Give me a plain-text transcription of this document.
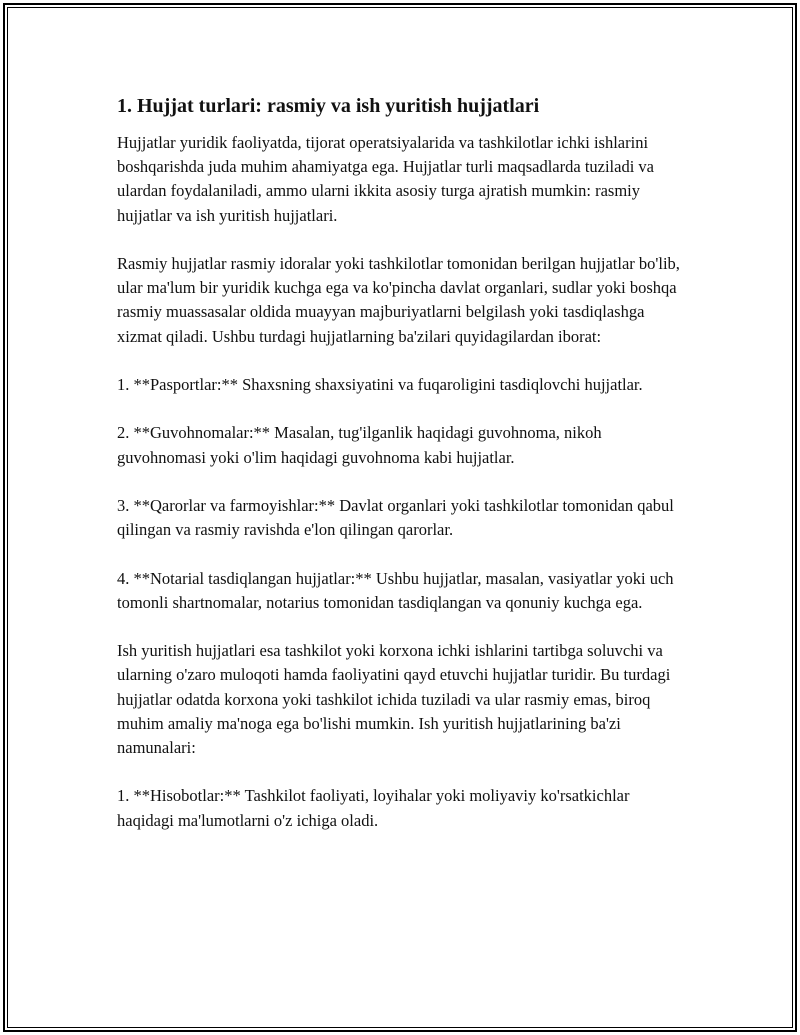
1. Hujjat turlari: rasmiy va ish yuritish hujjatlari

Hujjatlar yuridik faoliyatda, tijorat operatsiyalarida va tashkilotlar ichki ishlarini boshqarishda juda muhim ahamiyatga ega. Hujjatlar turli maqsadlarda tuziladi va ulardan foydalaniladi, ammo ularni ikkita asosiy turga ajratish mumkin: rasmiy hujjatlar va ish yuritish hujjatlari.

Rasmiy hujjatlar rasmiy idoralar yoki tashkilotlar tomonidan berilgan hujjatlar bo'lib, ular ma'lum bir yuridik kuchga ega va ko'pincha davlat organlari, sudlar yoki boshqa rasmiy muassasalar oldida muayyan majburiyatlarni belgilash yoki tasdiqlashga xizmat qiladi. Ushbu turdagi hujjatlarning ba'zilari quyidagilardan iborat:

1. **Pasportlar:** Shaxsning shaxsiyatini va fuqaroligini tasdiqlovchi hujjatlar.

2. **Guvohnomalar:** Masalan, tug'ilganlik haqidagi guvohnoma, nikoh guvohnomasi yoki o'lim haqidagi guvohnoma kabi hujjatlar.

3. **Qarorlar va farmoyishlar:** Davlat organlari yoki tashkilotlar tomonidan qabul qilingan va rasmiy ravishda e'lon qilingan qarorlar.

4. **Notarial tasdiqlangan hujjatlar:** Ushbu hujjatlar, masalan, vasiyatlar yoki uch tomonli shartnomalar, notarius tomonidan tasdiqlangan va qonuniy kuchga ega.

Ish yuritish hujjatlari esa tashkilot yoki korxona ichki ishlarini tartibga soluvchi va ularning o'zaro muloqoti hamda faoliyatini qayd etuvchi hujjatlar turidir. Bu turdagi hujjatlar odatda korxona yoki tashkilot ichida tuziladi va ular rasmiy emas, biroq muhim amaliy ma'noga ega bo'lishi mumkin. Ish yuritish hujjatlarining ba'zi namunalari:

1. **Hisobotlar:** Tashkilot faoliyati, loyihalar yoki moliyaviy ko'rsatkichlar haqidagi ma'lumotlarni o'z ichiga oladi.
